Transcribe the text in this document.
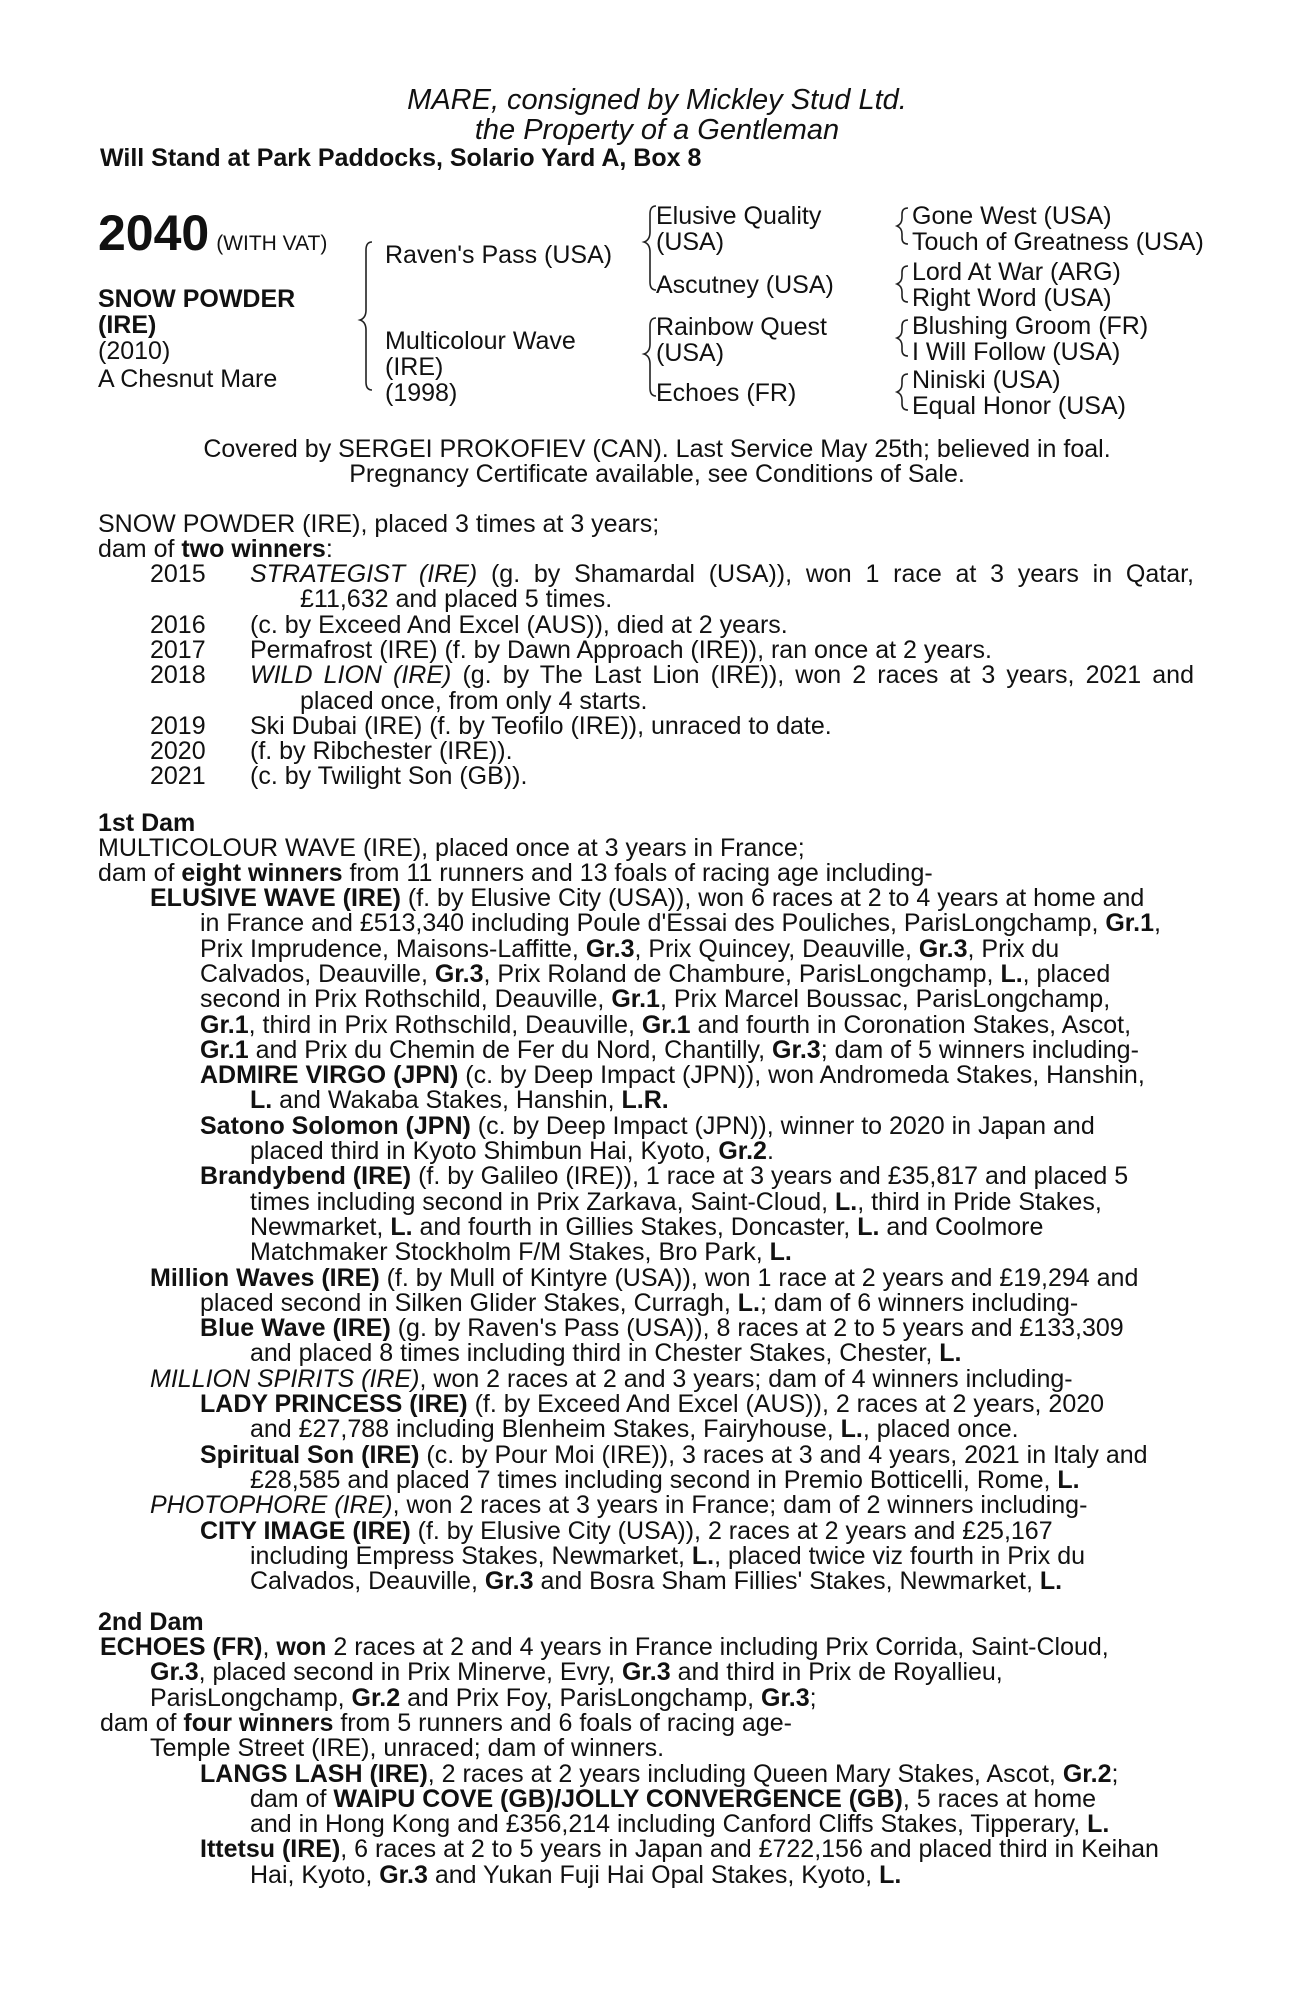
MARE, consigned by Mickley Stud Ltd.
the Property of a Gentleman
Will Stand at Park Paddocks, Solario Yard A, Box 8
2040 (WITH VAT)
SNOW POWDER
(IRE)
(2010)
A Chesnut Mare
Raven's Pass (USA)
Multicolour Wave
(IRE)
(1998)
Elusive Quality
(USA)
Ascutney (USA)
Rainbow Quest
(USA)
Echoes (FR)
Gone West (USA)
Touch of Greatness (USA)
Lord At War (ARG)
Right Word (USA)
Blushing Groom (FR)
I Will Follow (USA)
Niniski (USA)
Equal Honor (USA)
Covered by SERGEI PROKOFIEV (CAN). Last Service May 25th; believed in foal.
Pregnancy Certificate available, see Conditions of Sale.
SNOW POWDER (IRE), placed 3 times at 3 years;
dam of two winners:
2015 STRATEGIST (IRE) (g. by Shamardal (USA)), won 1 race at 3 years in Qatar,
£11,632 and placed 5 times.
2016 (c. by Exceed And Excel (AUS)), died at 2 years.
2017 Permafrost (IRE) (f. by Dawn Approach (IRE)), ran once at 2 years.
2018 WILD LION (IRE) (g. by The Last Lion (IRE)), won 2 races at 3 years, 2021 and
placed once, from only 4 starts.
2019 Ski Dubai (IRE) (f. by Teofilo (IRE)), unraced to date.
2020 (f. by Ribchester (IRE)).
2021 (c. by Twilight Son (GB)).
1st Dam
MULTICOLOUR WAVE (IRE), placed once at 3 years in France;
dam of eight winners from 11 runners and 13 foals of racing age including-
ELUSIVE WAVE (IRE) (f. by Elusive City (USA)), won 6 races at 2 to 4 years at home and
in France and £513,340 including Poule d'Essai des Pouliches, ParisLongchamp, Gr.1,
Prix Imprudence, Maisons-Laffitte, Gr.3, Prix Quincey, Deauville, Gr.3, Prix du
Calvados, Deauville, Gr.3, Prix Roland de Chambure, ParisLongchamp, L., placed
second in Prix Rothschild, Deauville, Gr.1, Prix Marcel Boussac, ParisLongchamp,
Gr.1, third in Prix Rothschild, Deauville, Gr.1 and fourth in Coronation Stakes, Ascot,
Gr.1 and Prix du Chemin de Fer du Nord, Chantilly, Gr.3; dam of 5 winners including-
ADMIRE VIRGO (JPN) (c. by Deep Impact (JPN)), won Andromeda Stakes, Hanshin,
L. and Wakaba Stakes, Hanshin, L.R.
Satono Solomon (JPN) (c. by Deep Impact (JPN)), winner to 2020 in Japan and
placed third in Kyoto Shimbun Hai, Kyoto, Gr.2.
Brandybend (IRE) (f. by Galileo (IRE)), 1 race at 3 years and £35,817 and placed 5
times including second in Prix Zarkava, Saint-Cloud, L., third in Pride Stakes,
Newmarket, L. and fourth in Gillies Stakes, Doncaster, L. and Coolmore
Matchmaker Stockholm F/M Stakes, Bro Park, L.
Million Waves (IRE) (f. by Mull of Kintyre (USA)), won 1 race at 2 years and £19,294 and
placed second in Silken Glider Stakes, Curragh, L.; dam of 6 winners including-
Blue Wave (IRE) (g. by Raven's Pass (USA)), 8 races at 2 to 5 years and £133,309
and placed 8 times including third in Chester Stakes, Chester, L.
MILLION SPIRITS (IRE), won 2 races at 2 and 3 years; dam of 4 winners including-
LADY PRINCESS (IRE) (f. by Exceed And Excel (AUS)), 2 races at 2 years, 2020
and £27,788 including Blenheim Stakes, Fairyhouse, L., placed once.
Spiritual Son (IRE) (c. by Pour Moi (IRE)), 3 races at 3 and 4 years, 2021 in Italy and
£28,585 and placed 7 times including second in Premio Botticelli, Rome, L.
PHOTOPHORE (IRE), won 2 races at 3 years in France; dam of 2 winners including-
CITY IMAGE (IRE) (f. by Elusive City (USA)), 2 races at 2 years and £25,167
including Empress Stakes, Newmarket, L., placed twice viz fourth in Prix du
Calvados, Deauville, Gr.3 and Bosra Sham Fillies' Stakes, Newmarket, L.
2nd Dam
ECHOES (FR), won 2 races at 2 and 4 years in France including Prix Corrida, Saint-Cloud,
Gr.3, placed second in Prix Minerve, Evry, Gr.3 and third in Prix de Royallieu,
ParisLongchamp, Gr.2 and Prix Foy, ParisLongchamp, Gr.3;
dam of four winners from 5 runners and 6 foals of racing age-
Temple Street (IRE), unraced; dam of winners.
LANGS LASH (IRE), 2 races at 2 years including Queen Mary Stakes, Ascot, Gr.2;
dam of WAIPU COVE (GB)/JOLLY CONVERGENCE (GB), 5 races at home
and in Hong Kong and £356,214 including Canford Cliffs Stakes, Tipperary, L.
Ittetsu (IRE), 6 races at 2 to 5 years in Japan and £722,156 and placed third in Keihan
Hai, Kyoto, Gr.3 and Yukan Fuji Hai Opal Stakes, Kyoto, L.
